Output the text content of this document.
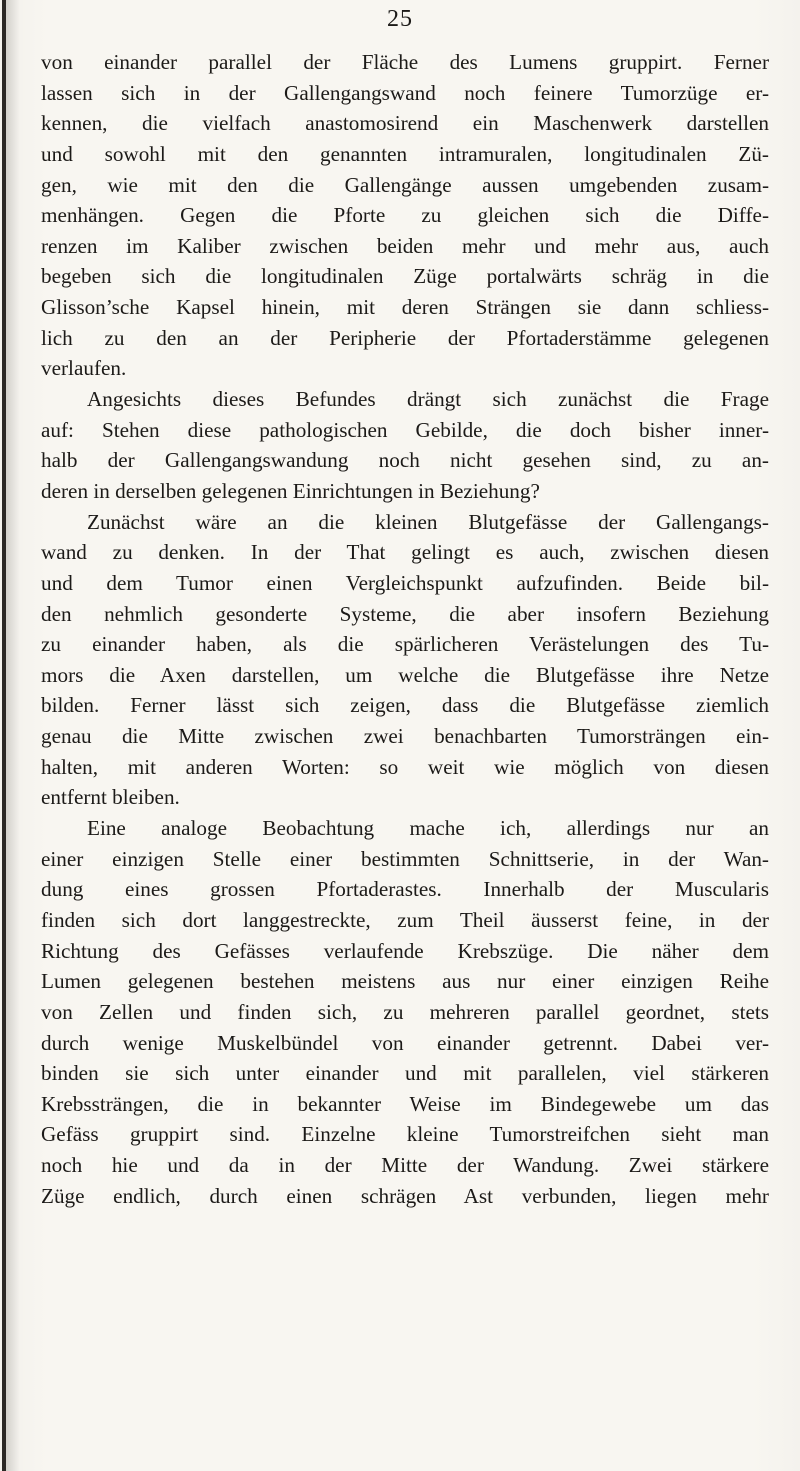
25
von einander parallel der Fläche des Lumens gruppirt. Ferner
lassen sich in der Gallengangswand noch feinere Tumorzüge er-
kennen, die vielfach anastomosirend ein Maschenwerk darstellen
und sowohl mit den genannten intramuralen, longitudinalen Zü-
gen, wie mit den die Gallengänge aussen umgebenden zusam-
menhängen. Gegen die Pforte zu gleichen sich die Diffe-
renzen im Kaliber zwischen beiden mehr und mehr aus, auch
begeben sich die longitudinalen Züge portalwärts schräg in die
Glisson’sche Kapsel hinein, mit deren Strängen sie dann schliess-
lich zu den an der Peripherie der Pfortaderstämme gelegenen
verlaufen.
Angesichts dieses Befundes drängt sich zunächst die Frage
auf: Stehen diese pathologischen Gebilde, die doch bisher inner-
halb der Gallengangswandung noch nicht gesehen sind, zu an-
deren in derselben gelegenen Einrichtungen in Beziehung?
Zunächst wäre an die kleinen Blutgefässe der Gallengangs-
wand zu denken. In der That gelingt es auch, zwischen diesen
und dem Tumor einen Vergleichspunkt aufzufinden. Beide bil-
den nehmlich gesonderte Systeme, die aber insofern Beziehung
zu einander haben, als die spärlicheren Verästelungen des Tu-
mors die Axen darstellen, um welche die Blutgefässe ihre Netze
bilden. Ferner lässt sich zeigen, dass die Blutgefässe ziemlich
genau die Mitte zwischen zwei benachbarten Tumorsträngen ein-
halten, mit anderen Worten: so weit wie möglich von diesen
entfernt bleiben.
Eine analoge Beobachtung mache ich, allerdings nur an
einer einzigen Stelle einer bestimmten Schnittserie, in der Wan-
dung eines grossen Pfortaderastes. Innerhalb der Muscularis
finden sich dort langgestreckte, zum Theil äusserst feine, in der
Richtung des Gefässes verlaufende Krebszüge. Die näher dem
Lumen gelegenen bestehen meistens aus nur einer einzigen Reihe
von Zellen und finden sich, zu mehreren parallel geordnet, stets
durch wenige Muskelbündel von einander getrennt. Dabei ver-
binden sie sich unter einander und mit parallelen, viel stärkeren
Krebssträngen, die in bekannter Weise im Bindegewebe um das
Gefäss gruppirt sind. Einzelne kleine Tumorstreifchen sieht man
noch hie und da in der Mitte der Wandung. Zwei stärkere
Züge endlich, durch einen schrägen Ast verbunden, liegen mehr
